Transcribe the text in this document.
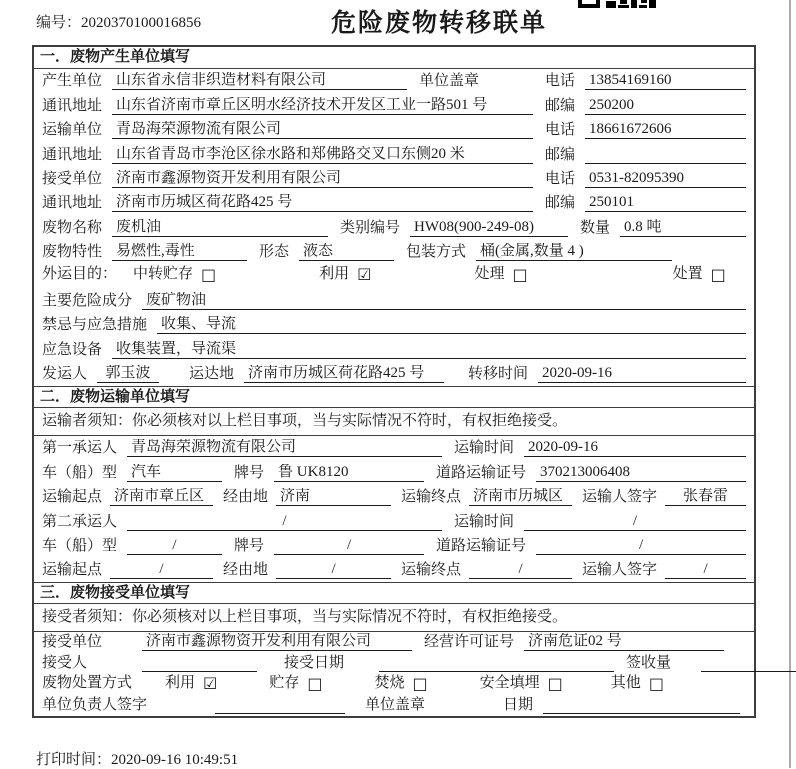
编号：2020370100016856	危险废物转移联单
一．废物产生单位填写
产生单位 山东省永信非织造材料有限公司	单位盖章	电话 13854169160
通讯地址 山东省济南市章丘区明水经济技术开发区工业一路501 号	邮编 250200
运输单位 青岛海荣源物流有限公司	电话 18661672606
通讯地址 山东省青岛市李沧区徐水路和郑佛路交叉口东侧20 米	邮编
接受单位 济南市鑫源物资开发利用有限公司	电话 0531-82095390
通讯地址 济南市历城区荷花路425 号	邮编 250101
废物名称 废机油	类别编号 HW08(900-249-08)	数量 0.8 吨
废物特性 易燃性,毒性	形态 液态	包装方式 桶(金属,数量 4 )
外运目的： 中转贮存 □	利用 ☑	处理 □	处置 □
主要危险成分 废矿物油
禁忌与应急措施 收集、导流
应急设备 收集装置，导流渠
发运人	郭玉波	运达地 济南市历城区荷花路425 号	转移时间 2020-09-16
二．废物运输单位填写
运输者须知：你必须核对以上栏目事项，当与实际情况不符时，有权拒绝接受。
第一承运人 青岛海荣源物流有限公司	运输时间 2020-09-16
车（船）型 汽车	牌号 鲁 UK8120	道路运输证号 370213006408
运输起点 济南市章丘区	经由地 济南	运输终点 济南市历城区	运输人签字	张春雷
第二承运人	/	运输时间	/
车（船）型	/	牌号	/	道路运输证号	/
运输起点	/	经由地	/	运输终点	/	运输人签字	/
三．废物接受单位填写
接受者须知：你必须核对以上栏目事项，当与实际情况不符时，有权拒绝接受。
接受单位	济南市鑫源物资开发利用有限公司	经营许可证号 济南危证02 号
接受人	接受日期	签收量
废物处置方式 利用 ☑	贮存 □	焚烧 □	安全填埋 □	其他 □
单位负责人签字	单位盖章	日期
打印时间：2020-09-16 10:49:51
